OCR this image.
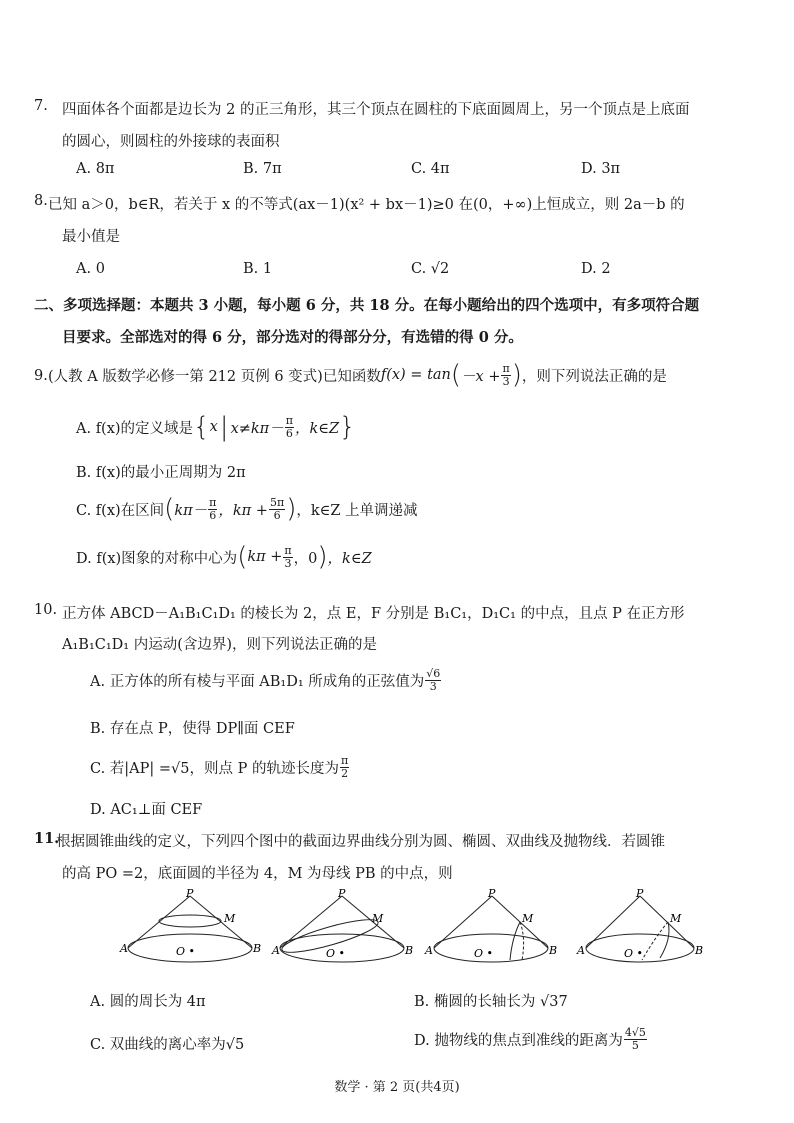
7. 四面体各个面都是边长为 2 的正三角形，其三个顶点在圆柱的下底面圆周上，另一个顶点是上底面
的圆心，则圆柱的外接球的表面积
A. 8π	B. 7π	C. 4π	D. 3π
8. 已知 a＞0，b∈R，若关于 x 的不等式(ax－1)(x² + bx－1)≥0 在(0，+∞)上恒成立，则 2a－b 的
最小值是
A. 0	B. 1	C. √2	D. 2
二、多项选择题：本题共 3 小题，每小题 6 分，共 18 分。在每小题给出的四个选项中，有多项符合题
目要求。全部选对的得 6 分，部分选对的得部分分，有选错的得 0 分。
9. (人教 A 版数学必修一第 212 页例 6 变式)已知函数 f(x) = tan ( $-x + \frac{\pi}{3}$ ) ，则下列说法正确的是
A. f(x)的定义域是 { x | $x\ne k\pi- \frac{\pi}{6}$ ，k∈Z }
B. f(x)的最小正周期为 2π
C. f(x)在区间 ( $k\pi- \frac{\pi}{6}$ ，$k\pi + \frac{5\pi}{6}$ ) ，k∈Z 上单调递减
D. f(x)图象的对称中心为 ( $k\pi + \frac{\pi}{3}$ ，0 ) ，k∈Z
10. 正方体 ABCD－A₁B₁C₁D₁ 的棱长为 2，点 E，F 分别是 B₁C₁，D₁C₁ 的中点，且点 P 在正方形
A₁B₁C₁D₁ 内运动(含边界)，则下列说法正确的是
A. 正方体的所有棱与平面 AB₁D₁ 所成角的正弦值为 $\frac{√6}{3}$
B. 存在点 P，使得 DP∥面 CEF
C. 若|AP| =√5，则点 P 的轨迹长度为 $\frac{\pi}{2}$
D. AC₁⊥面 CEF
11.
根据圆锥曲线的定义，下列四个图中的截面边界曲线分别为圆、椭圆、双曲线及抛物线．若圆锥
的高 PO =2，底面圆的半径为 4，M 为母线 PB 的中点，则
P
M
A	B
O •
P
M
A	B
O •
P
M
A	B
O •
P
M
A	B
O •
A. 圆的周长为 4π	B. 椭圆的长轴长为 √37
C. 双曲线的离心率为√5	D. 抛物线的焦点到准线的距离为 $\frac{4√5}{5}$
数学 · 第 2 页(共4页)
